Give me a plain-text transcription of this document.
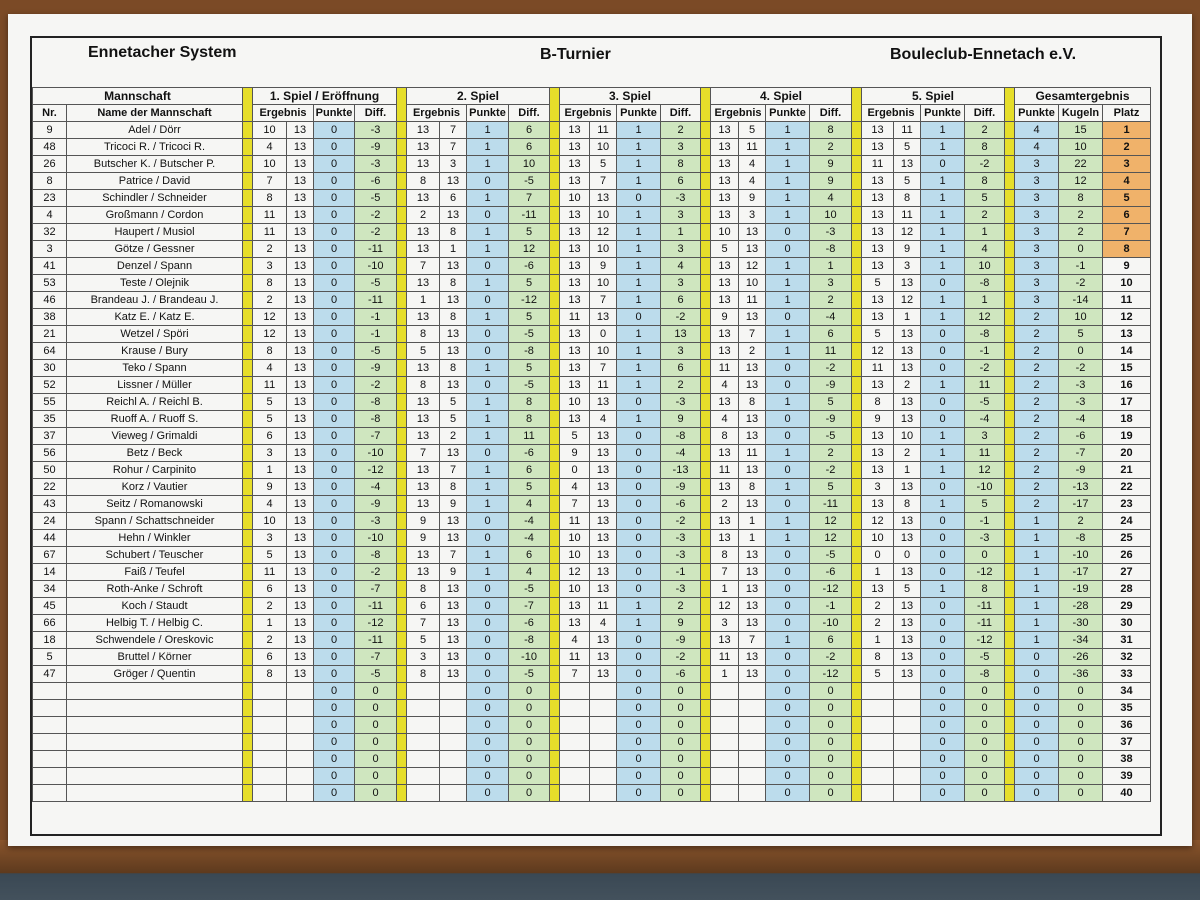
Ennetacher System	B-Turnier	Bouleclub-Ennetach e.V.
Mannschaft			1. Spiel / Eröffnung					2. Spiel					3. Spiel					4. Spiel					5. Spiel					Gesamtergebnis		
Nr.	Name der Mannschaft		Ergebnis		Punkte	Diff.		Ergebnis		Punkte	Diff.		Ergebnis		Punkte	Diff.		Ergebnis		Punkte	Diff.		Ergebnis		Punkte	Diff.		Punkte	Kugeln	Platz
9	Adel / Dörr		10	13	0	-3		13	7	1	6		13	11	1	2		13	5	1	8		13	11	1	2		4	15	1
48	Tricoci R. / Tricoci R.		4	13	0	-9		13	7	1	6		13	10	1	3		13	11	1	2		13	5	1	8		4	10	2
26	Butscher K. / Butscher P.		10	13	0	-3		13	3	1	10		13	5	1	8		13	4	1	9		11	13	0	-2		3	22	3
8	Patrice / David		7	13	0	-6		8	13	0	-5		13	7	1	6		13	4	1	9		13	5	1	8		3	12	4
23	Schindler / Schneider		8	13	0	-5		13	6	1	7		10	13	0	-3		13	9	1	4		13	8	1	5		3	8	5
4	Großmann / Cordon		11	13	0	-2		2	13	0	-11		13	10	1	3		13	3	1	10		13	11	1	2		3	2	6
32	Haupert / Musiol		11	13	0	-2		13	8	1	5		13	12	1	1		10	13	0	-3		13	12	1	1		3	2	7
3	Götze / Gessner		2	13	0	-11		13	1	1	12		13	10	1	3		5	13	0	-8		13	9	1	4		3	0	8
41	Denzel / Spann		3	13	0	-10		7	13	0	-6		13	9	1	4		13	12	1	1		13	3	1	10		3	-1	9
53	Teste / Olejnik		8	13	0	-5		13	8	1	5		13	10	1	3		13	10	1	3		5	13	0	-8		3	-2	10
46	Brandeau J. / Brandeau J.		2	13	0	-11		1	13	0	-12		13	7	1	6		13	11	1	2		13	12	1	1		3	-14	11
38	Katz E. / Katz E.		12	13	0	-1		13	8	1	5		11	13	0	-2		9	13	0	-4		13	1	1	12		2	10	12
21	Wetzel / Spöri		12	13	0	-1		8	13	0	-5		13	0	1	13		13	7	1	6		5	13	0	-8		2	5	13
64	Krause / Bury		8	13	0	-5		5	13	0	-8		13	10	1	3		13	2	1	11		12	13	0	-1		2	0	14
30	Teko / Spann		4	13	0	-9		13	8	1	5		13	7	1	6		11	13	0	-2		11	13	0	-2		2	-2	15
52	Lissner / Müller		11	13	0	-2		8	13	0	-5		13	11	1	2		4	13	0	-9		13	2	1	11		2	-3	16
55	Reichl A. / Reichl B.		5	13	0	-8		13	5	1	8		10	13	0	-3		13	8	1	5		8	13	0	-5		2	-3	17
35	Ruoff A. / Ruoff S.		5	13	0	-8		13	5	1	8		13	4	1	9		4	13	0	-9		9	13	0	-4		2	-4	18
37	Vieweg / Grimaldi		6	13	0	-7		13	2	1	11		5	13	0	-8		8	13	0	-5		13	10	1	3		2	-6	19
56	Betz / Beck		3	13	0	-10		7	13	0	-6		9	13	0	-4		13	11	1	2		13	2	1	11		2	-7	20
50	Rohur / Carpinito		1	13	0	-12		13	7	1	6		0	13	0	-13		11	13	0	-2		13	1	1	12		2	-9	21
22	Korz / Vautier		9	13	0	-4		13	8	1	5		4	13	0	-9		13	8	1	5		3	13	0	-10		2	-13	22
43	Seitz / Romanowski		4	13	0	-9		13	9	1	4		7	13	0	-6		2	13	0	-11		13	8	1	5		2	-17	23
24	Spann / Schattschneider		10	13	0	-3		9	13	0	-4		11	13	0	-2		13	1	1	12		12	13	0	-1		1	2	24
44	Hehn / Winkler		3	13	0	-10		9	13	0	-4		10	13	0	-3		13	1	1	12		10	13	0	-3		1	-8	25
67	Schubert / Teuscher		5	13	0	-8		13	7	1	6		10	13	0	-3		8	13	0	-5		0	0	0	0		1	-10	26
14	Faiß / Teufel		11	13	0	-2		13	9	1	4		12	13	0	-1		7	13	0	-6		1	13	0	-12		1	-17	27
34	Roth-Anke / Schroft		6	13	0	-7		8	13	0	-5		10	13	0	-3		1	13	0	-12		13	5	1	8		1	-19	28
45	Koch / Staudt		2	13	0	-11		6	13	0	-7		13	11	1	2		12	13	0	-1		2	13	0	-11		1	-28	29
66	Helbig T. / Helbig C.		1	13	0	-12		7	13	0	-6		13	4	1	9		3	13	0	-10		2	13	0	-11		1	-30	30
18	Schwendele / Oreskovic		2	13	0	-11		5	13	0	-8		4	13	0	-9		13	7	1	6		1	13	0	-12		1	-34	31
5	Bruttel / Körner		6	13	0	-7		3	13	0	-10		11	13	0	-2		11	13	0	-2		8	13	0	-5		0	-26	32
47	Gröger / Quentin		8	13	0	-5		8	13	0	-5		7	13	0	-6		1	13	0	-12		5	13	0	-8		0	-36	33
					0	0				0	0				0	0				0	0				0	0		0	0	34
					0	0				0	0				0	0				0	0				0	0		0	0	35
					0	0				0	0				0	0				0	0				0	0		0	0	36
					0	0				0	0				0	0				0	0				0	0		0	0	37
					0	0				0	0				0	0				0	0				0	0		0	0	38
					0	0				0	0				0	0				0	0				0	0		0	0	39
					0	0				0	0				0	0				0	0				0	0		0	0	40
